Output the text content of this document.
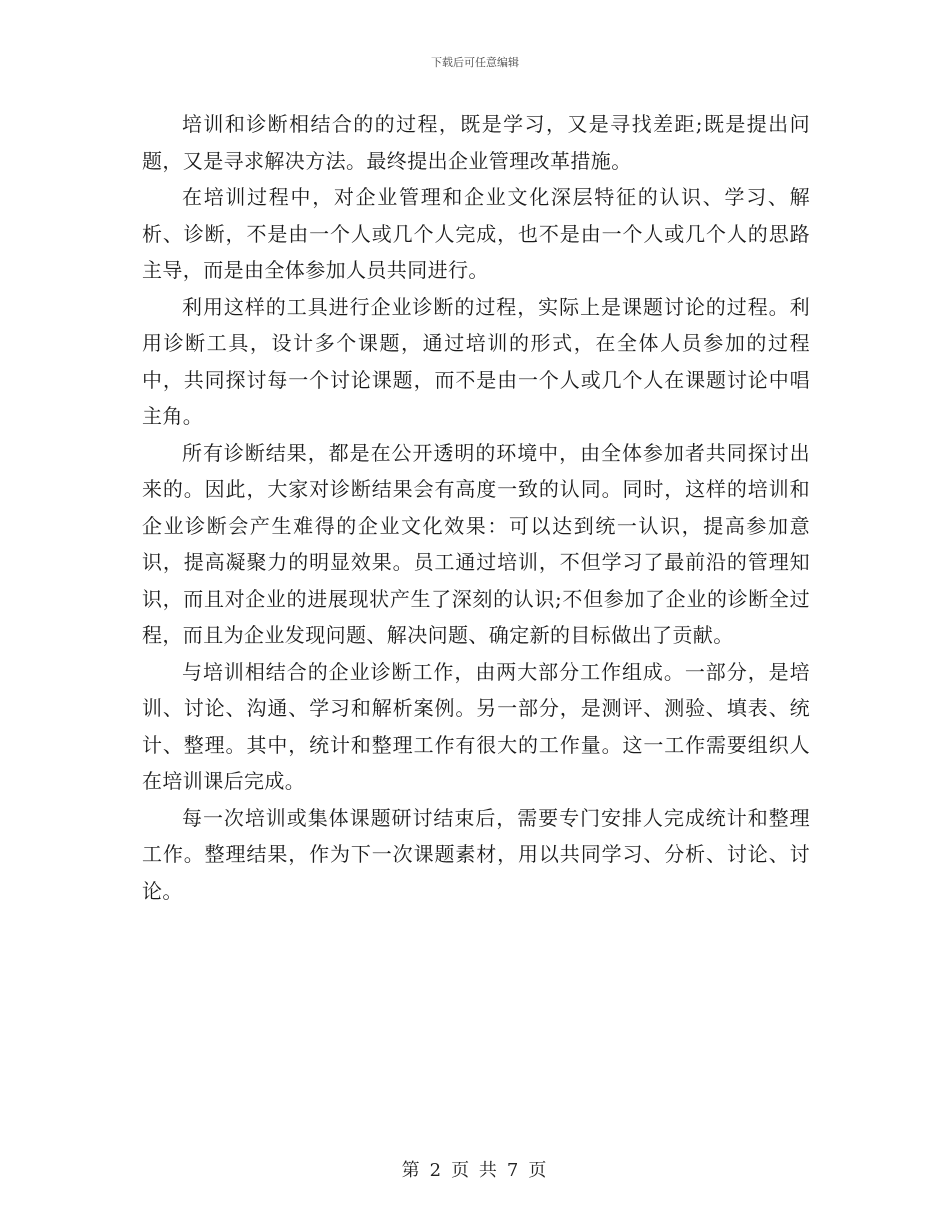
下载后可任意编辑

培训和诊断相结合的的过程，既是学习，又是寻找差距;既是提出问题，又是寻求解决方法。最终提出企业管理改革措施。

在培训过程中，对企业管理和企业文化深层特征的认识、学习、解析、诊断，不是由一个人或几个人完成，也不是由一个人或几个人的思路主导，而是由全体参加人员共同进行。

利用这样的工具进行企业诊断的过程，实际上是课题讨论的过程。利用诊断工具，设计多个课题，通过培训的形式，在全体人员参加的过程中，共同探讨每一个讨论课题，而不是由一个人或几个人在课题讨论中唱主角。

所有诊断结果，都是在公开透明的环境中，由全体参加者共同探讨出来的。因此，大家对诊断结果会有高度一致的认同。同时，这样的培训和企业诊断会产生难得的企业文化效果：可以达到统一认识，提高参加意识，提高凝聚力的明显效果。员工通过培训，不但学习了最前沿的管理知识，而且对企业的进展现状产生了深刻的认识;不但参加了企业的诊断全过程，而且为企业发现问题、解决问题、确定新的目标做出了贡献。

与培训相结合的企业诊断工作，由两大部分工作组成。一部分，是培训、讨论、沟通、学习和解析案例。另一部分，是测评、测验、填表、统计、整理。其中，统计和整理工作有很大的工作量。这一工作需要组织人在培训课后完成。

每一次培训或集体课题研讨结束后，需要专门安排人完成统计和整理工作。整理结果，作为下一次课题素材，用以共同学习、分析、讨论、讨论。

第 2 页 共 7 页
